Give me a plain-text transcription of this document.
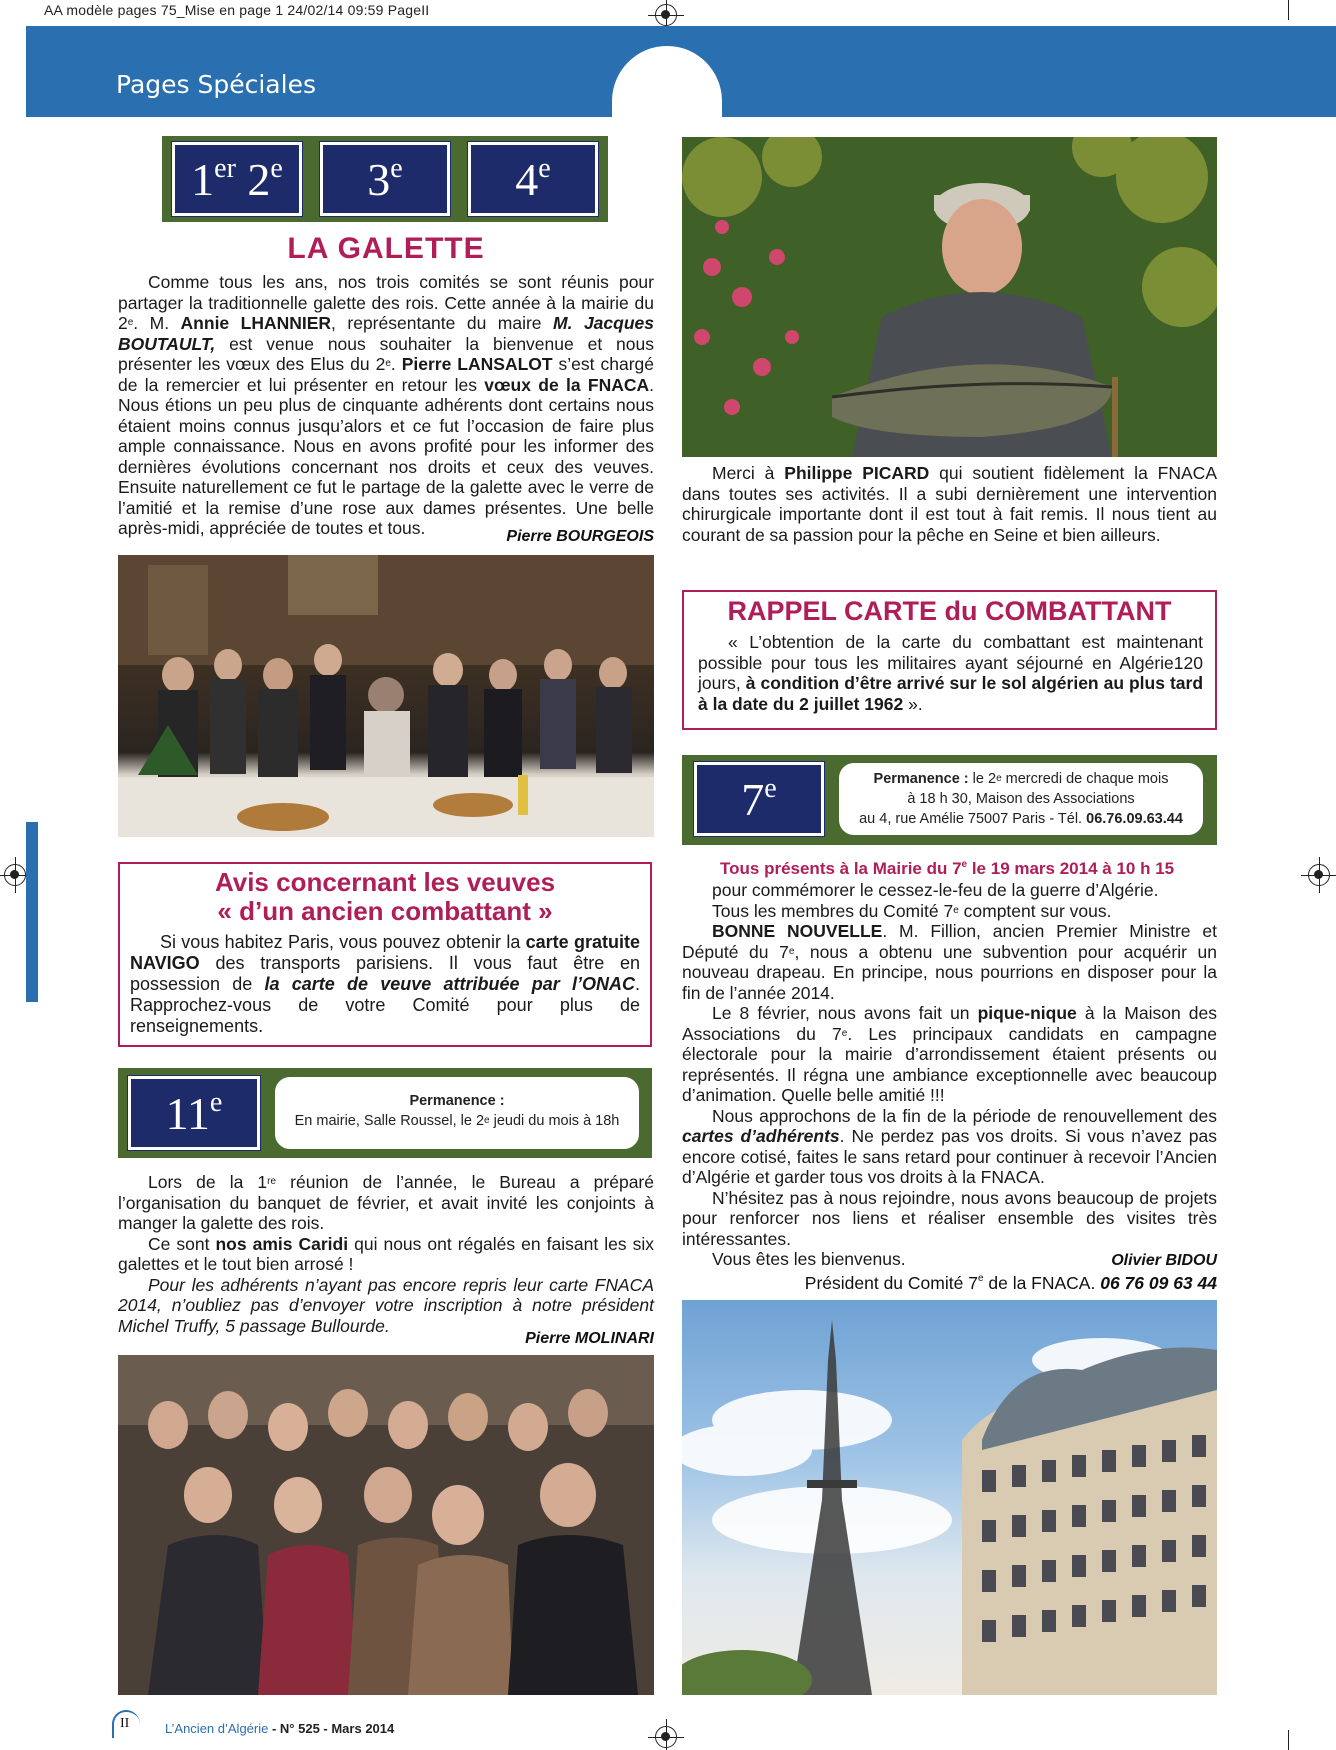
AA modèle pages 75_Mise en page 1 24/02/14 09:59 PageII
Pages Spéciales
1er 2e	3e	4e
LA GALETTE

Comme tous les ans, nos trois comités se sont réunis pour partager la traditionnelle galette des rois. Cette année à la mairie du 2e. M. Annie LHANNIER, représentante du maire M. Jacques BOUTAULT, est venue nous souhaiter la bienvenue et nous présenter les vœux des Elus du 2e. Pierre LANSALOT s’est chargé de la remercier et lui présenter en retour les vœux de la FNACA. Nous étions un peu plus de cinquante adhérents dont certains nous étaient moins connus jusqu’alors et ce fut l’occasion de faire plus ample connaissance. Nous en avons profité pour les informer des dernières évolutions concernant nos droits et ceux des veuves. Ensuite naturellement ce fut le partage de la galette avec le verre de l’amitié et la remise d’une rose aux dames présentes. Une belle après-midi, appréciée de toutes et tous.	Pierre BOURGEOIS

Merci à Philippe PICARD qui soutient fidèlement la FNACA dans toutes ses activités. Il a subi dernièrement une intervention chirurgicale importante dont il est tout à fait remis. Il nous tient au courant de sa passion pour la pêche en Seine et bien ailleurs.

RAPPEL CARTE du COMBATTANT

« L’obtention de la carte du combattant est maintenant possible pour tous les militaires ayant séjourné en Algérie120 jours, à condition d’être arrivé sur le sol algérien au plus tard à la date du 2 juillet 1962 ».

7e	Permanence : le 2e mercredi de chaque mois
à 18 h 30, Maison des Associations
au 4, rue Amélie 75007 Paris - Tél. 06.76.09.63.44
Avis concernant les veuves
« d’un ancien combattant »

Si vous habitez Paris, vous pouvez obtenir la carte gratuite NAVIGO des transports parisiens. Il vous faut être en possession de la carte de veuve attribuée par l’ONAC. Rapprochez-vous de votre Comité pour plus de renseignements.

11e	Permanence :
En mairie, Salle Roussel, le 2e jeudi du mois à 18h

Lors de la 1re réunion de l’année, le Bureau a préparé l’organisation du banquet de février, et avait invité les conjoints à manger la galette des rois.

Ce sont nos amis Caridi qui nous ont régalés en faisant les six galettes et le tout bien arrosé !

Pour les adhérents n’ayant pas encore repris leur carte FNACA 2014, n’oubliez pas d’envoyer votre inscription à notre président Michel Truffy, 5 passage Bullourde.

Pierre MOLINARI
Tous présents à la Mairie du 7e le 19 mars 2014 à 10 h 15

pour commémorer le cessez-le-feu de la guerre d’Algérie.

Tous les membres du Comité 7e comptent sur vous.

BONNE NOUVELLE. M. Fillion, ancien Premier Ministre et Député du 7e, nous a obtenu une subvention pour acquérir un nouveau drapeau. En principe, nous pourrions en disposer pour la fin de l’année 2014.

Le 8 février, nous avons fait un pique-nique à la Maison des Associations du 7e. Les principaux candidats en campagne électorale pour la mairie d’arrondissement étaient présents ou représentés. Il régna une ambiance exceptionnelle avec beaucoup d’animation. Quelle belle amitié !!!

Nous approchons de la fin de la période de renouvellement des cartes d’adhérents. Ne perdez pas vos droits. Si vous n’avez pas encore cotisé, faites le sans retard pour continuer à recevoir l’Ancien d’Algérie et garder tous vos droits à la FNACA.

N’hésitez pas à nous rejoindre, nous avons beaucoup de projets pour renforcer nos liens et réaliser ensemble des visites très intéressantes.

Vous êtes les bienvenus.	Olivier BIDOU
Président du Comité 7e de la FNACA. 06 76 09 63 44
II	L’Ancien d’Algérie - N° 525 - Mars 2014
